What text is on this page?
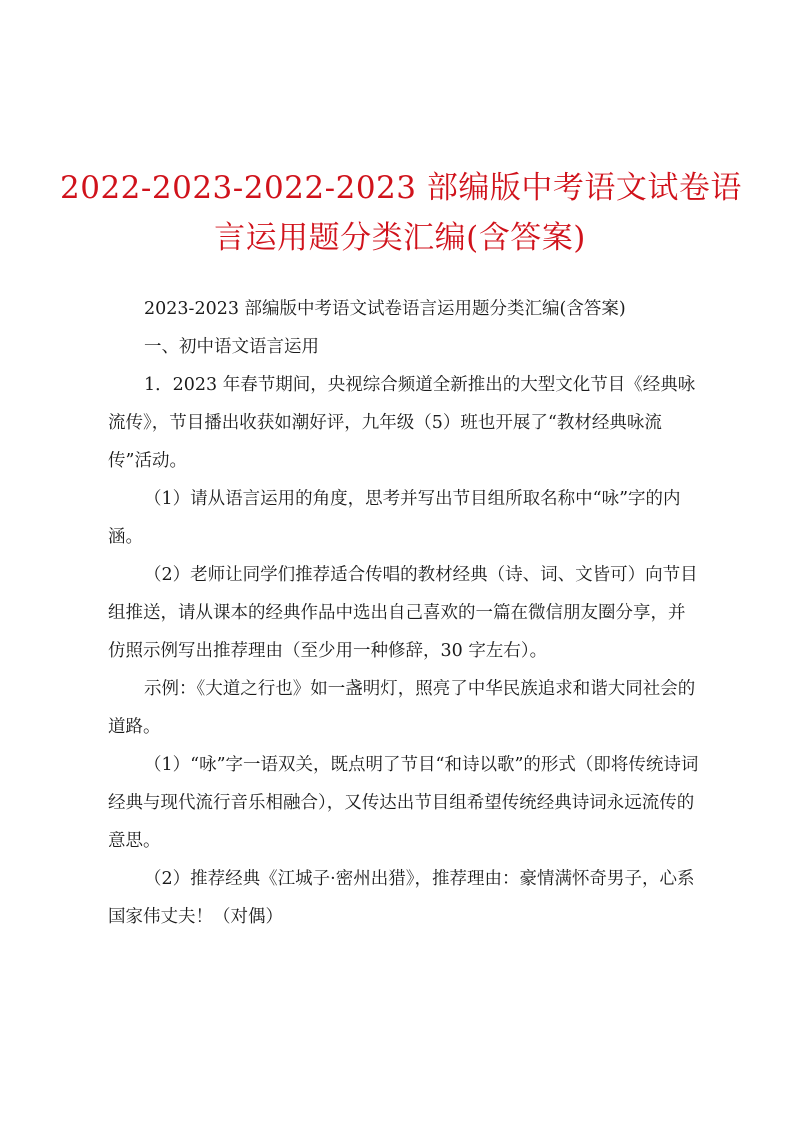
2022-2023-2022-2023 部编版中考语文试卷语
言运用题分类汇编(含答案)

2023-2023 部编版中考语文试卷语言运用题分类汇编(含答案)

一、初中语文语言运用

1．2023 年春节期间，央视综合频道全新推出的大型文化节目《经典咏流传》，节目播出收获如潮好评，九年级（5）班也开展了“教材经典咏流传”活动。

（1）请从语言运用的角度，思考并写出节目组所取名称中“咏”字的内涵。

（2）老师让同学们推荐适合传唱的教材经典（诗、词、文皆可）向节目组推送，请从课本的经典作品中选出自己喜欢的一篇在微信朋友圈分享，并仿照示例写出推荐理由（至少用一种修辞，30 字左右）。

示例：《大道之行也》如一盏明灯，照亮了中华民族追求和谐大同社会的道路。

（1）“咏”字一语双关，既点明了节目“和诗以歌”的形式（即将传统诗词经典与现代流行音乐相融合），又传达出节目组希望传统经典诗词永远流传的意思。

（2）推荐经典《江城子·密州出猎》，推荐理由：豪情满怀奇男子，心系国家伟丈夫！（对偶）
